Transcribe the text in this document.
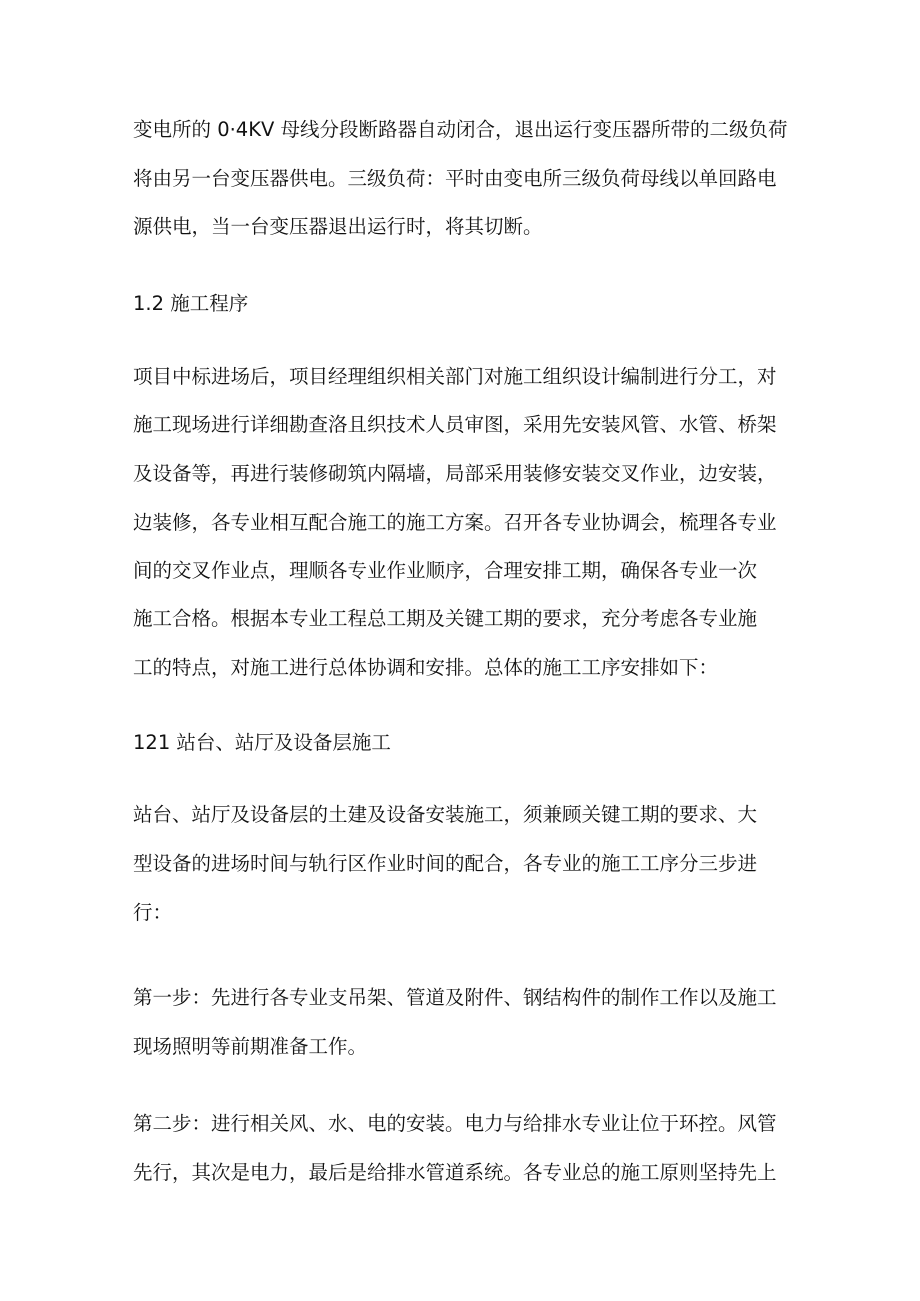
变电所的 0·4KV 母线分段断路器自动闭合，退出运行变压器所带的二级负荷

将由另一台变压器供电。三级负荷：平时由变电所三级负荷母线以单回路电

源供电，当一台变压器退出运行时，将其切断。

1.2 施工程序

项目中标进场后，项目经理组织相关部门对施工组织设计编制进行分工，对

施工现场进行详细勘查洛且织技术人员审图，采用先安装风管、水管、桥架

及设备等，再进行装修砌筑内隔墙，局部采用装修安装交叉作业，边安装，

边装修，各专业相互配合施工的施工方案。召开各专业协调会，梳理各专业

间的交叉作业点，理顺各专业作业顺序，合理安排工期，确保各专业一次

施工合格。根据本专业工程总工期及关键工期的要求，充分考虑各专业施

工的特点，对施工进行总体协调和安排。总体的施工工序安排如下：

121 站台、站厅及设备层施工

站台、站厅及设备层的土建及设备安装施工，须兼顾关键工期的要求、大

型设备的进场时间与轨行区作业时间的配合，各专业的施工工序分三步进

行：

第一步：先进行各专业支吊架、管道及附件、钢结构件的制作工作以及施工

现场照明等前期准备工作。

第二步：进行相关风、水、电的安装。电力与给排水专业让位于环控。风管

先行，其次是电力，最后是给排水管道系统。各专业总的施工原则坚持先上
